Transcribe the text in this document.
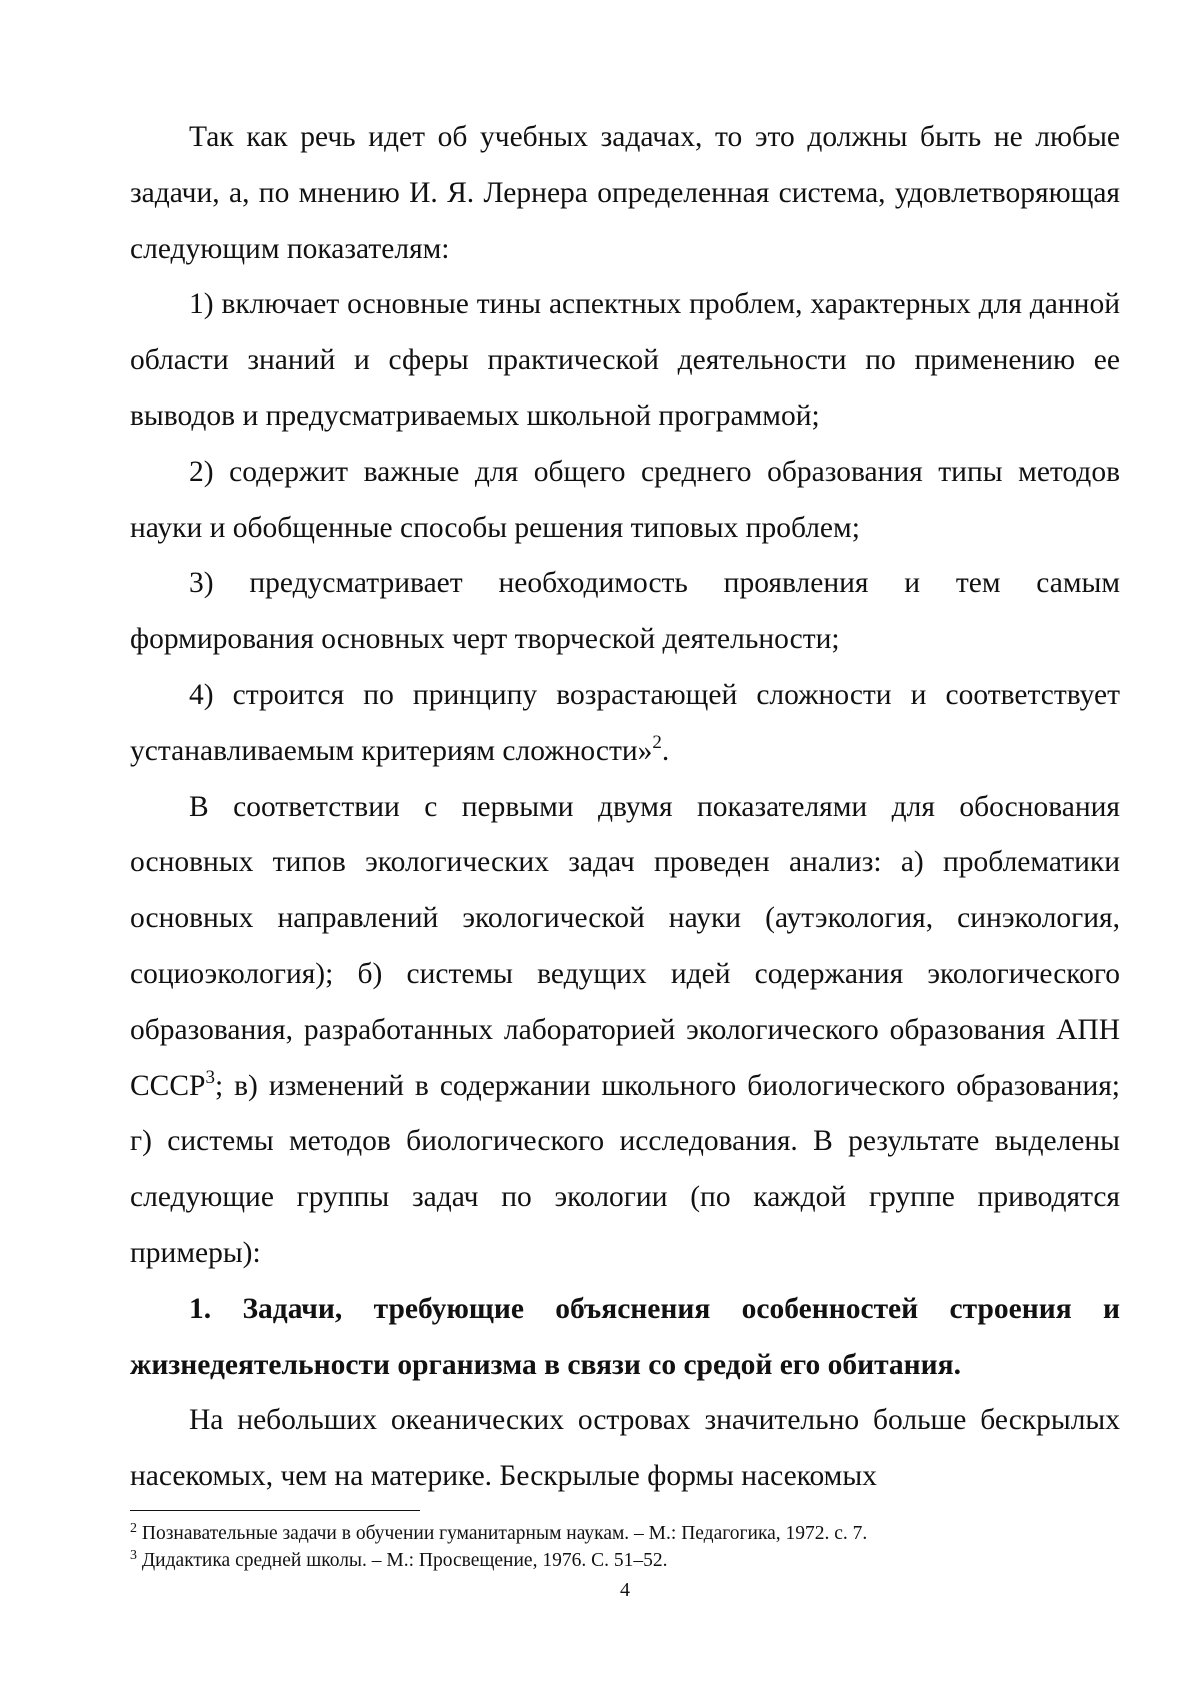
Так как речь идет об учебных задачах, то это должны быть не любые задачи, а, по мнению И. Я. Лернера определенная система, удовлетворяющая следующим показателям:

1) включает основные тины аспектных проблем, характерных для данной области знаний и сферы практической деятельности по применению ее выводов и предусматриваемых школьной программой;

2) содержит важные для общего среднего образования типы методов науки и обобщенные способы решения типовых проблем;

3) предусматривает необходимость проявления и тем самым формирования основных черт творческой деятельности;

4) строится по принципу возрастающей сложности и соответствует устанавливаемым критериям сложности»$^2$.

В соответствии с первыми двумя показателями для обоснования основных типов экологических задач проведен анализ: а) проблематики основных направлений экологической науки (аутэкология, синэкология, социоэкология); б) системы ведущих идей содержания экологического образования, разработанных лабораторией экологического образования АПН СССР$^3$; в) изменений в содержании школьного биологического образования; г) системы методов биологического исследования. В результате выделены следующие группы задач по экологии (по каждой группе приводятся примеры):

1. Задачи, требующие объяснения особенностей строения и жизнедеятельности организма в связи со средой его обитания.

На небольших океанических островах значительно больше бескрылых насекомых, чем на материке. Бескрылые формы насекомых

$^2$ Познавательные задачи в обучении гуманитарным наукам. – М.: Педагогика, 1972. с. 7.

$^3$ Дидактика средней школы. – М.: Просвещение, 1976. С. 51–52.

4
